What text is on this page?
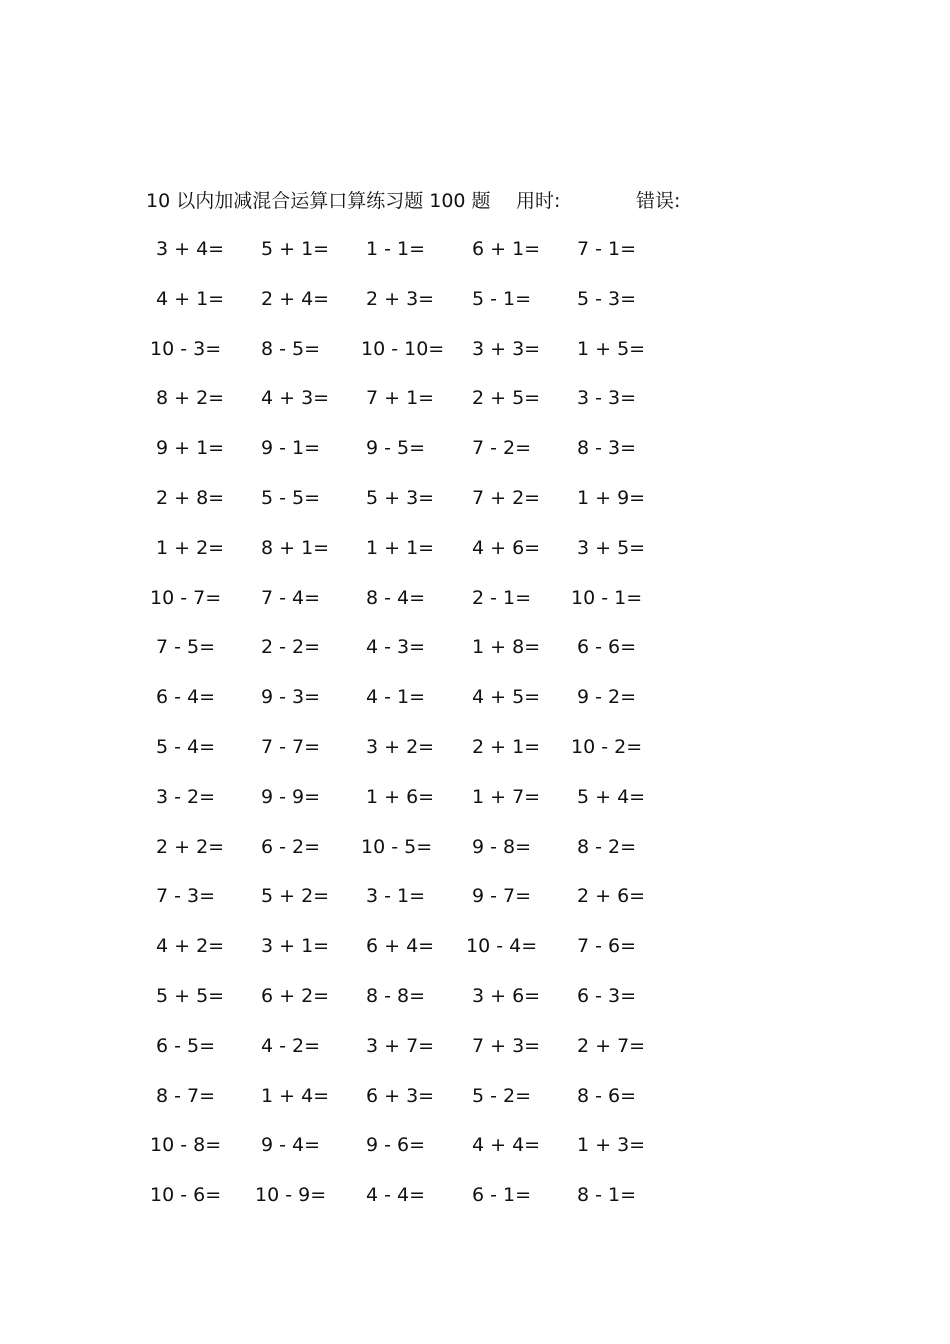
10 以内加减混合运算口算练习题 100 题 用时:	错误:
3 + 4= 5 + 1= 1 - 1= 6 + 1= 7 - 1=
4 + 1= 2 + 4= 2 + 3= 5 - 1= 5 - 3=
10 - 3= 8 - 5= 10 - 10= 3 + 3= 1 + 5=
8 + 2= 4 + 3= 7 + 1= 2 + 5= 3 - 3=
9 + 1= 9 - 1= 9 - 5= 7 - 2= 8 - 3=
2 + 8= 5 - 5= 5 + 3= 7 + 2= 1 + 9=
1 + 2= 8 + 1= 1 + 1= 4 + 6= 3 + 5=
10 - 7= 7 - 4= 8 - 4= 2 - 1= 10 - 1=
7 - 5= 2 - 2= 4 - 3= 1 + 8= 6 - 6=
6 - 4= 9 - 3= 4 - 1= 4 + 5= 9 - 2=
5 - 4= 7 - 7= 3 + 2= 2 + 1= 10 - 2=
3 - 2= 9 - 9= 1 + 6= 1 + 7= 5 + 4=
2 + 2= 6 - 2= 10 - 5= 9 - 8= 8 - 2=
7 - 3= 5 + 2= 3 - 1= 9 - 7= 2 + 6=
4 + 2= 3 + 1= 6 + 4= 10 - 4= 7 - 6=
5 + 5= 6 + 2= 8 - 8= 3 + 6= 6 - 3=
6 - 5= 4 - 2= 3 + 7= 7 + 3= 2 + 7=
8 - 7= 1 + 4= 6 + 3= 5 - 2= 8 - 6=
10 - 8= 9 - 4= 9 - 6= 4 + 4= 1 + 3=
10 - 6= 10 - 9= 4 - 4= 6 - 1= 8 - 1=
